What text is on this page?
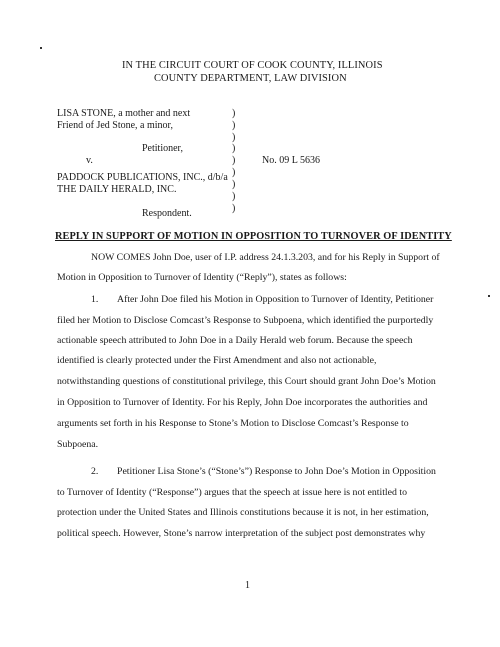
IN THE CIRCUIT COURT OF COOK COUNTY, ILLINOIS
COUNTY DEPARTMENT, LAW DIVISION
LISA STONE, a mother and next
Friend of Jed Stone, a minor,
Petitioner,
v.
PADDOCK PUBLICATIONS, INC., d/b/a
THE DAILY HERALD, INC.
Respondent.
)
)
)
)
)
)
)
)
)
No. 09 L 5636
REPLY IN SUPPORT OF MOTION IN OPPOSITION TO TURNOVER OF IDENTITY
NOW COMES John Doe, user of I.P. address 24.1.3.203, and for his Reply in Support of
Motion in Opposition to Turnover of Identity (“Reply”), states as follows:
1. After John Doe filed his Motion in Opposition to Turnover of Identity, Petitioner
filed her Motion to Disclose Comcast’s Response to Subpoena, which identified the purportedly
actionable speech attributed to John Doe in a Daily Herald web forum. Because the speech
identified is clearly protected under the First Amendment and also not actionable,
notwithstanding questions of constitutional privilege, this Court should grant John Doe’s Motion
in Opposition to Turnover of Identity. For his Reply, John Doe incorporates the authorities and
arguments set forth in his Response to Stone’s Motion to Disclose Comcast’s Response to
Subpoena.
2. Petitioner Lisa Stone’s (“Stone’s”) Response to John Doe’s Motion in Opposition
to Turnover of Identity (“Response”) argues that the speech at issue here is not entitled to
protection under the United States and Illinois constitutions because it is not, in her estimation,
political speech. However, Stone’s narrow interpretation of the subject post demonstrates why
1
